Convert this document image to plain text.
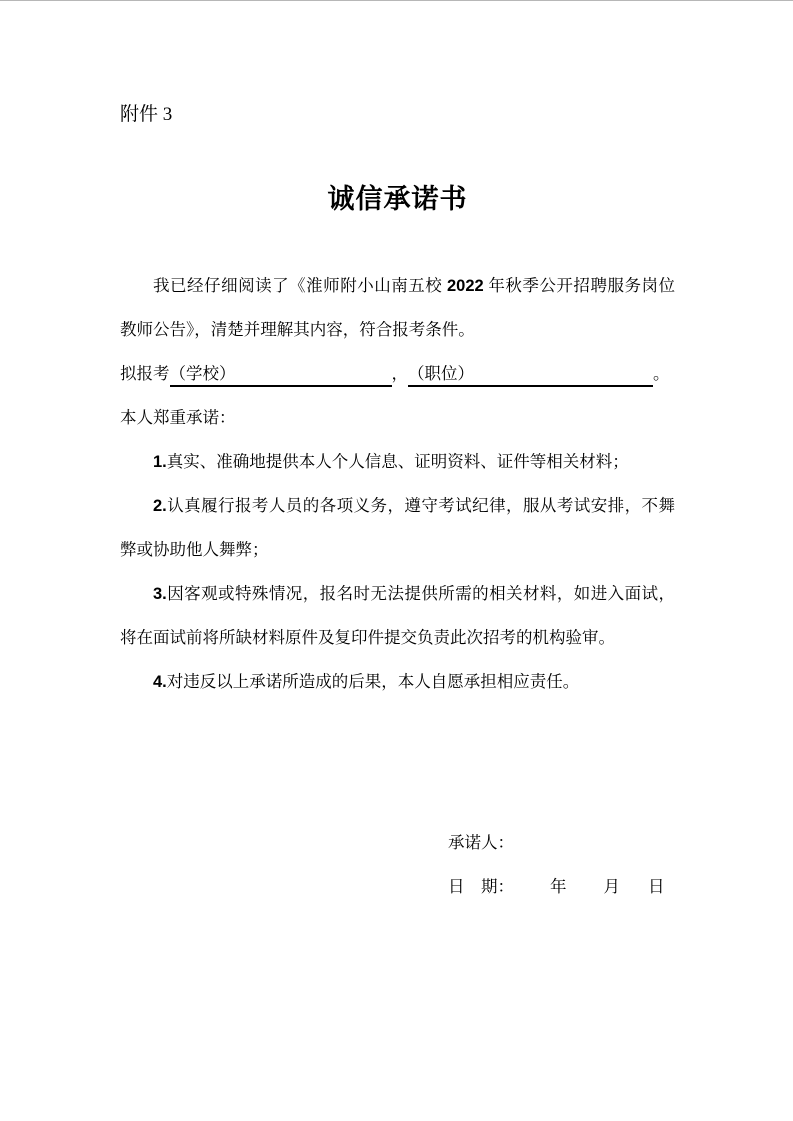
附件 3
诚信承诺书

我已经仔细阅读了《淮师附小山南五校 2022 年秋季公开招聘服务岗位教师公告》，清楚并理解其内容，符合报考条件。

拟报考（学校）	，（职位）	。

本人郑重承诺：

1.真实、准确地提供本人个人信息、证明资料、证件等相关材料；

2.认真履行报考人员的各项义务，遵守考试纪律，服从考试安排，不舞弊或协助他人舞弊；

3.因客观或特殊情况，报名时无法提供所需的相关材料，如进入面试，将在面试前将所缺材料原件及复印件提交负责此次招考的机构验审。

4.对违反以上承诺所造成的后果，本人自愿承担相应责任。

承诺人：
日　期： 年 月 日
